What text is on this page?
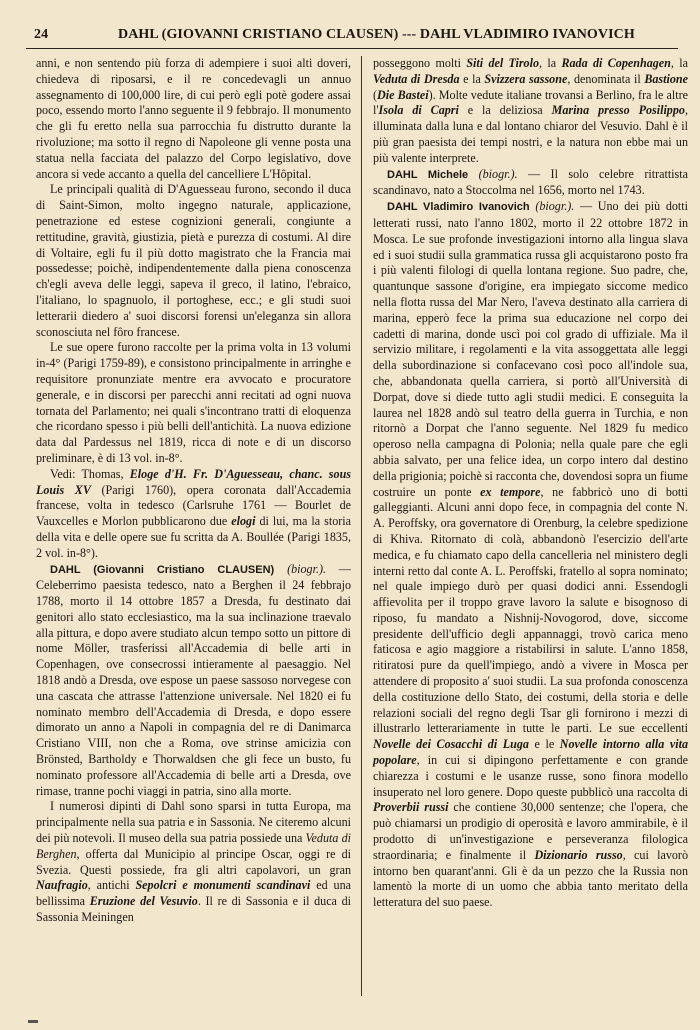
24	DAHL (GIOVANNI CRISTIANO CLAUSEN) --- DAHL VLADIMIRO IVANOVICH

anni, e non sentendo più forza di adempiere i suoi alti doveri, chiedeva di riposarsi, e il re concedevagli un annuo assegnamento di 100,000 lire, di cui però egli potè godere assai poco, essendo morto l'anno seguente il 9 febbrajo. Il monumento che gli fu eretto nella sua parrocchia fu distrutto durante la rivoluzione; ma sotto il regno di Napoleone gli venne posta una statua nella facciata del palazzo del Corpo legislativo, dove ancora si vede accanto a quella del cancelliere L'Hôpital.

Le principali qualità di D'Aguesseau furono, secondo il duca di Saint-Simon, molto ingegno naturale, applicazione, penetrazione ed estese cognizioni generali, congiunte a rettitudine, gravità, giustizia, pietà e purezza di costumi. Al dire di Voltaire, egli fu il più dotto magistrato che la Francia mai possedesse; poichè, indipendentemente dalla piena conoscenza ch'egli aveva delle leggi, sapeva il greco, il latino, l'ebraico, l'italiano, lo spagnuolo, il portoghese, ecc.; e gli studi suoi letterarii diedero a' suoi discorsi forensi un'eleganza sin allora sconosciuta nel fôro francese.

Le sue opere furono raccolte per la prima volta in 13 volumi in-4° (Parigi 1759-89), e consistono principalmente in arringhe e requisitore pronunziate mentre era avvocato e procuratore generale, e in discorsi per parecchi anni recitati ad ogni nuova tornata del Parlamento; nei quali s'incontrano tratti di eloquenza che ricordano spesso i più belli dell'antichità. La nuova edizione data dal Pardessus nel 1819, ricca di note e di un discorso preliminare, è di 13 vol. in-8°.

Vedi: Thomas, Eloge d'H. Fr. D'Aguesseau, chanc. sous Louis XV (Parigi 1760), opera coronata dall'Accademia francese, volta in tedesco (Carlsruhe 1761 — Bourlet de Vauxcelles e Morlon pubblicarono due elogi di lui, ma la storia della vita e delle opere sue fu scritta da A. Boullée (Parigi 1835, 2 vol. in-8°).

DAHL (Giovanni Cristiano CLAUSEN) (biogr.). — Celeberrimo paesista tedesco, nato a Berghen il 24 febbrajo 1788, morto il 14 ottobre 1857 a Dresda, fu destinato dai genitori allo stato ecclesiastico, ma la sua inclinazione traevalo alla pittura, e dopo avere studiato alcun tempo sotto un pittore di nome Möller, trasferissi all'Accademia di belle arti in Copenhagen, ove consecrossi intieramente al paesaggio. Nel 1818 andò a Dresda, ove espose un paese sassoso norvegese con una cascata che attrasse l'attenzione universale. Nel 1820 ei fu nominato membro dell'Accademia di Dresda, e dopo essere dimorato un anno a Napoli in compagnia del re di Danimarca Cristiano VIII, non che a Roma, ove strinse amicizia con Brönsted, Bartholdy e Thorwaldsen che gli fece un busto, fu nominato professore all'Accademia di belle arti a Dresda, ove rimase, tranne pochi viaggi in patria, sino alla morte.

I numerosi dipinti di Dahl sono sparsi in tutta Europa, ma principalmente nella sua patria e in Sassonia. Ne citeremo alcuni dei più notevoli. Il museo della sua patria possiede una Veduta di Berghen, offerta dal Municipio al principe Oscar, oggi re di Svezia. Questi possiede, fra gli altri capolavori, un gran Naufragio, antichi Sepolcri e monumenti scandinavi ed una bellissima Eruzione del Vesuvio. Il re di Sassonia e il duca di Sassonia Meiningen

posseggono molti Siti del Tirolo, la Rada di Copenhagen, la Veduta di Dresda e la Svizzera sassone, denominata il Bastione (Die Bastei). Molte vedute italiane trovansi a Berlino, fra le altre l'Isola di Capri e la deliziosa Marina presso Posilippo, illuminata dalla luna e dal lontano chiaror del Vesuvio. Dahl è il più gran paesista dei tempi nostri, e la natura non ebbe mai un più valente interprete.

DAHL Michele (biogr.). — Il solo celebre ritrattista scandinavo, nato a Stoccolma nel 1656, morto nel 1743.

DAHL Vladimiro Ivanovich (biogr.). — Uno dei più dotti letterati russi, nato l'anno 1802, morto il 22 ottobre 1872 in Mosca. Le sue profonde investigazioni intorno alla lingua slava ed i suoi studii sulla grammatica russa gli acquistarono posto fra i più valenti filologi di quella lontana regione. Suo padre, che, quantunque sassone d'origine, era impiegato siccome medico nella flotta russa del Mar Nero, l'aveva destinato alla carriera di marina, epperò fece la prima sua educazione nel corpo dei cadetti di marina, donde uscì poi col grado di uffiziale. Ma il servizio militare, i regolamenti e la vita assoggettata alle leggi della subordinazione si confacevano così poco all'indole sua, che, abbandonata quella carriera, si portò all'Università di Dorpat, dove si diede tutto agli studii medici. E conseguita la laurea nel 1828 andò sul teatro della guerra in Turchia, e non ritornò a Dorpat che l'anno seguente. Nel 1829 fu medico operoso nella campagna di Polonia; nella quale pare che egli abbia salvato, per una felice idea, un corpo intero dal destino della prigionia; poichè si racconta che, dovendosi sopra un fiume costruire un ponte ex tempore, ne fabbricò uno di botti galleggianti. Alcuni anni dopo fece, in compagnia del conte N. A. Peroffsky, ora governatore di Orenburg, la celebre spedizione di Khiva. Ritornato di colà, abbandonò l'esercizio dell'arte medica, e fu chiamato capo della cancelleria nel ministero degli interni retto dal conte A. L. Peroffski, fratello al sopra nominato; nel quale impiego durò per quasi dodici anni. Essendogli affievolita per il troppo grave lavoro la salute e bisognoso di riposo, fu mandato a Nishnij-Novogorod, dove, siccome presidente dell'ufficio degli appannaggi, trovò carica meno faticosa e agio maggiore a ristabilirsi in salute. L'anno 1858, ritiratosi pure da quell'impiego, andò a vivere in Mosca per attendere di proposito a' suoi studii. La sua profonda conoscenza della costituzione dello Stato, dei costumi, della storia e delle relazioni sociali del regno degli Tsar gli fornirono i mezzi di illustrarlo letterariamente in tutte le parti. Le sue eccellenti Novelle dei Cosacchi di Luga e le Novelle intorno alla vita popolare, in cui si dipingono perfettamente e con grande chiarezza i costumi e le usanze russe, sono finora modello insuperato nel loro genere. Dopo queste pubblicò una raccolta di Proverbii russi che contiene 30,000 sentenze; che l'opera, che può chiamarsi un prodigio di operosità e lavoro ammirabile, è il prodotto di un'investigazione e perseveranza filologica straordinaria; e finalmente il Dizionario russo, cui lavorò intorno ben quarant'anni. Gli è da un pezzo che la Russia non lamentò la morte di un uomo che abbia tanto meritato della letteratura del suo paese.
